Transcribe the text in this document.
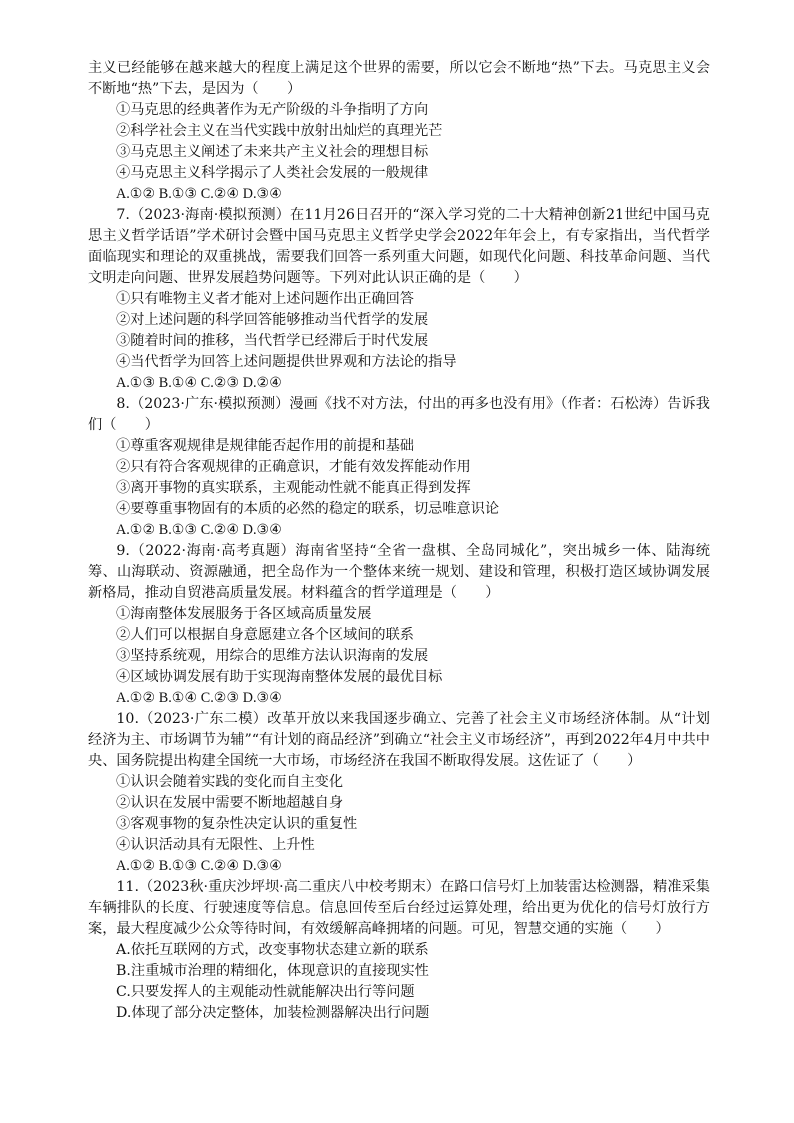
主义已经能够在越来越大的程度上满足这个世界的需要，所以它会不断地“热”下去。马克思主义会不断地“热”下去，是因为（　　）

①马克思的经典著作为无产阶级的斗争指明了方向

②科学社会主义在当代实践中放射出灿烂的真理光芒

③马克思主义阐述了未来共产主义社会的理想目标

④马克思主义科学揭示了人类社会发展的一般规律

A.①② B.①③ C.②④ D.③④

7.（2023·海南·模拟预测）在11月26日召开的“深入学习党的二十大精神创新21世纪中国马克思主义哲学话语”学术研讨会暨中国马克思主义哲学史学会2022年年会上，有专家指出，当代哲学面临现实和理论的双重挑战，需要我们回答一系列重大问题，如现代化问题、科技革命问题、当代文明走向问题、世界发展趋势问题等。下列对此认识正确的是（　　）

①只有唯物主义者才能对上述问题作出正确回答

②对上述问题的科学回答能够推动当代哲学的发展

③随着时间的推移，当代哲学已经滞后于时代发展

④当代哲学为回答上述问题提供世界观和方法论的指导

A.①③ B.①④ C.②③ D.②④

8.（2023·广东·模拟预测）漫画《找不对方法，付出的再多也没有用》（作者：石松涛）告诉我们（　　）

①尊重客观规律是规律能否起作用的前提和基础

②只有符合客观规律的正确意识，才能有效发挥能动作用

③离开事物的真实联系，主观能动性就不能真正得到发挥

④要尊重事物固有的本质的必然的稳定的联系，切忌唯意识论

A.①② B.①③ C.②④ D.③④

9.（2022·海南·高考真题）海南省坚持“全省一盘棋、全岛同城化”，突出城乡一体、陆海统筹、山海联动、资源融通，把全岛作为一个整体来统一规划、建设和管理，积极打造区域协调发展新格局，推动自贸港高质量发展。材料蕴含的哲学道理是（　　）

①海南整体发展服务于各区域高质量发展

②人们可以根据自身意愿建立各个区域间的联系

③坚持系统观，用综合的思维方法认识海南的发展

④区域协调发展有助于实现海南整体发展的最优目标

A.①② B.①④ C.②③ D.③④

10.（2023·广东二模）改革开放以来我国逐步确立、完善了社会主义市场经济体制。从“计划经济为主、市场调节为辅”“有计划的商品经济”到确立“社会主义市场经济”，再到2022年4月中共中央、国务院提出构建全国统一大市场，市场经济在我国不断取得发展。这佐证了（　　）

①认识会随着实践的变化而自主变化

②认识在发展中需要不断地超越自身

③客观事物的复杂性决定认识的重复性

④认识活动具有无限性、上升性

A.①② B.①③ C.②④ D.③④

11.（2023秋·重庆沙坪坝·高二重庆八中校考期末）在路口信号灯上加装雷达检测器，精准采集车辆排队的长度、行驶速度等信息。信息回传至后台经过运算处理，给出更为优化的信号灯放行方案，最大程度减少公众等待时间，有效缓解高峰拥堵的问题。可见，智慧交通的实施（　　）

A.依托互联网的方式，改变事物状态建立新的联系

B.注重城市治理的精细化，体现意识的直接现实性

C.只要发挥人的主观能动性就能解决出行等问题

D.体现了部分决定整体，加装检测器解决出行问题
